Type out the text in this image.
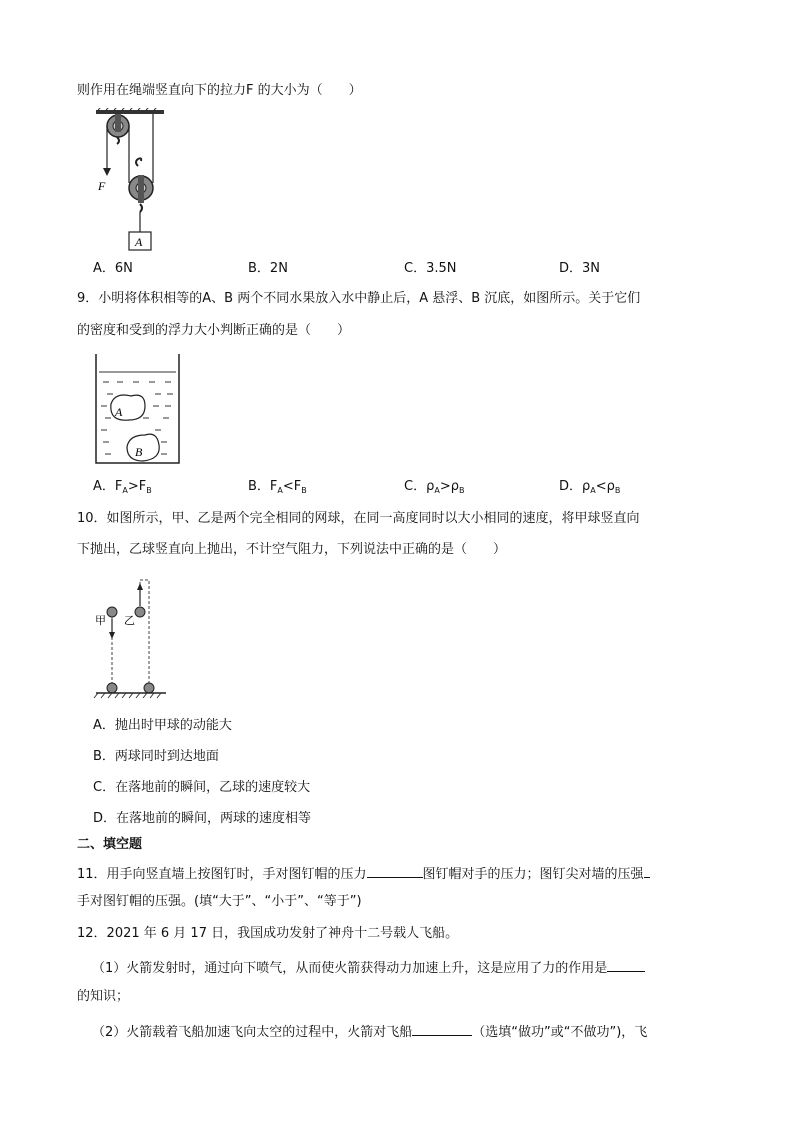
则作用在绳端竖直向下的拉力F 的大小为（　　）
F
A
A．6N	B．2N	C．3.5N	D．3N
9．小明将体积相等的A、B 两个不同水果放入水中静止后，A 悬浮、B 沉底，如图所示。关于它们
的密度和受到的浮力大小判断正确的是（　　）
A
B
A．$F_A>F_B$	B．$F_A<F_B$	C．$\rho_A>\rho_B$	D．$\rho_A<\rho_B$
10．如图所示，甲、乙是两个完全相同的网球，在同一高度同时以大小相同的速度，将甲球竖直向
下抛出，乙球竖直向上抛出，不计空气阻力，下列说法中正确的是（　　）
甲 乙
A．抛出时甲球的动能大
B．两球同时到达地面
C．在落地前的瞬间，乙球的速度较大
D．在落地前的瞬间，两球的速度相等
二、填空题
11．用手向竖直墙上按图钉时，手对图钉帽的压力	图钉帽对手的压力；图钉尖对墙的压强
手对图钉帽的压强。(填“大于”、“小于”、“等于”)
12．2021 年 6 月 17 日，我国成功发射了神舟十二号载人飞船。
（1）火箭发射时，通过向下喷气，从而使火箭获得动力加速上升，这是应用了力的作用是
的知识；
（2）火箭载着飞船加速飞向太空的过程中，火箭对飞船	（选填“做功”或“不做功”)，飞
